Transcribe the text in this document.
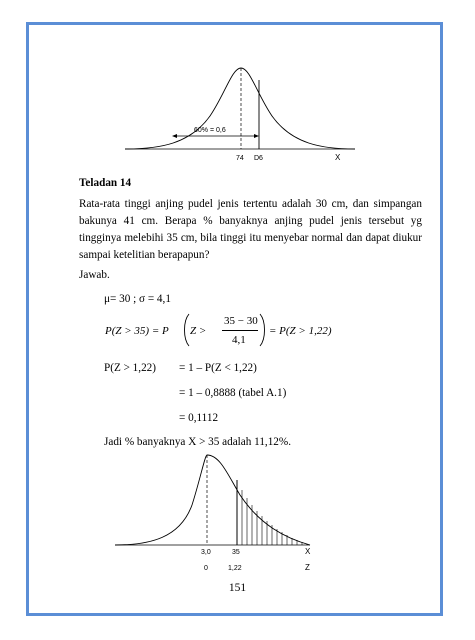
60% = 0,6
74 D6	X
Teladan 14
Rata-rata tinggi anjing pudel jenis tertentu adalah 30 cm, dan simpangan
bakunya 41 cm. Berapa % banyaknya anjing pudel jenis tersebut yg
tingginya melebihi 35 cm, bila tinggi itu menyebar normal dan dapat diukur
sampai ketelitian berapapun?
Jawab.
μ= 30 ; σ = 4,1
P(Z > 35) = P Z >
35 − 30
4,1
= P(Z > 1,22)
P(Z > 1,22) = 1 – P(Z < 1,22)
= 1 – 0,8888 (tabel A.1)
= 0,1112
Jadi % banyaknya X > 35 adalah 11,12%.
3,0	35	X
0	1,22	Z
151
